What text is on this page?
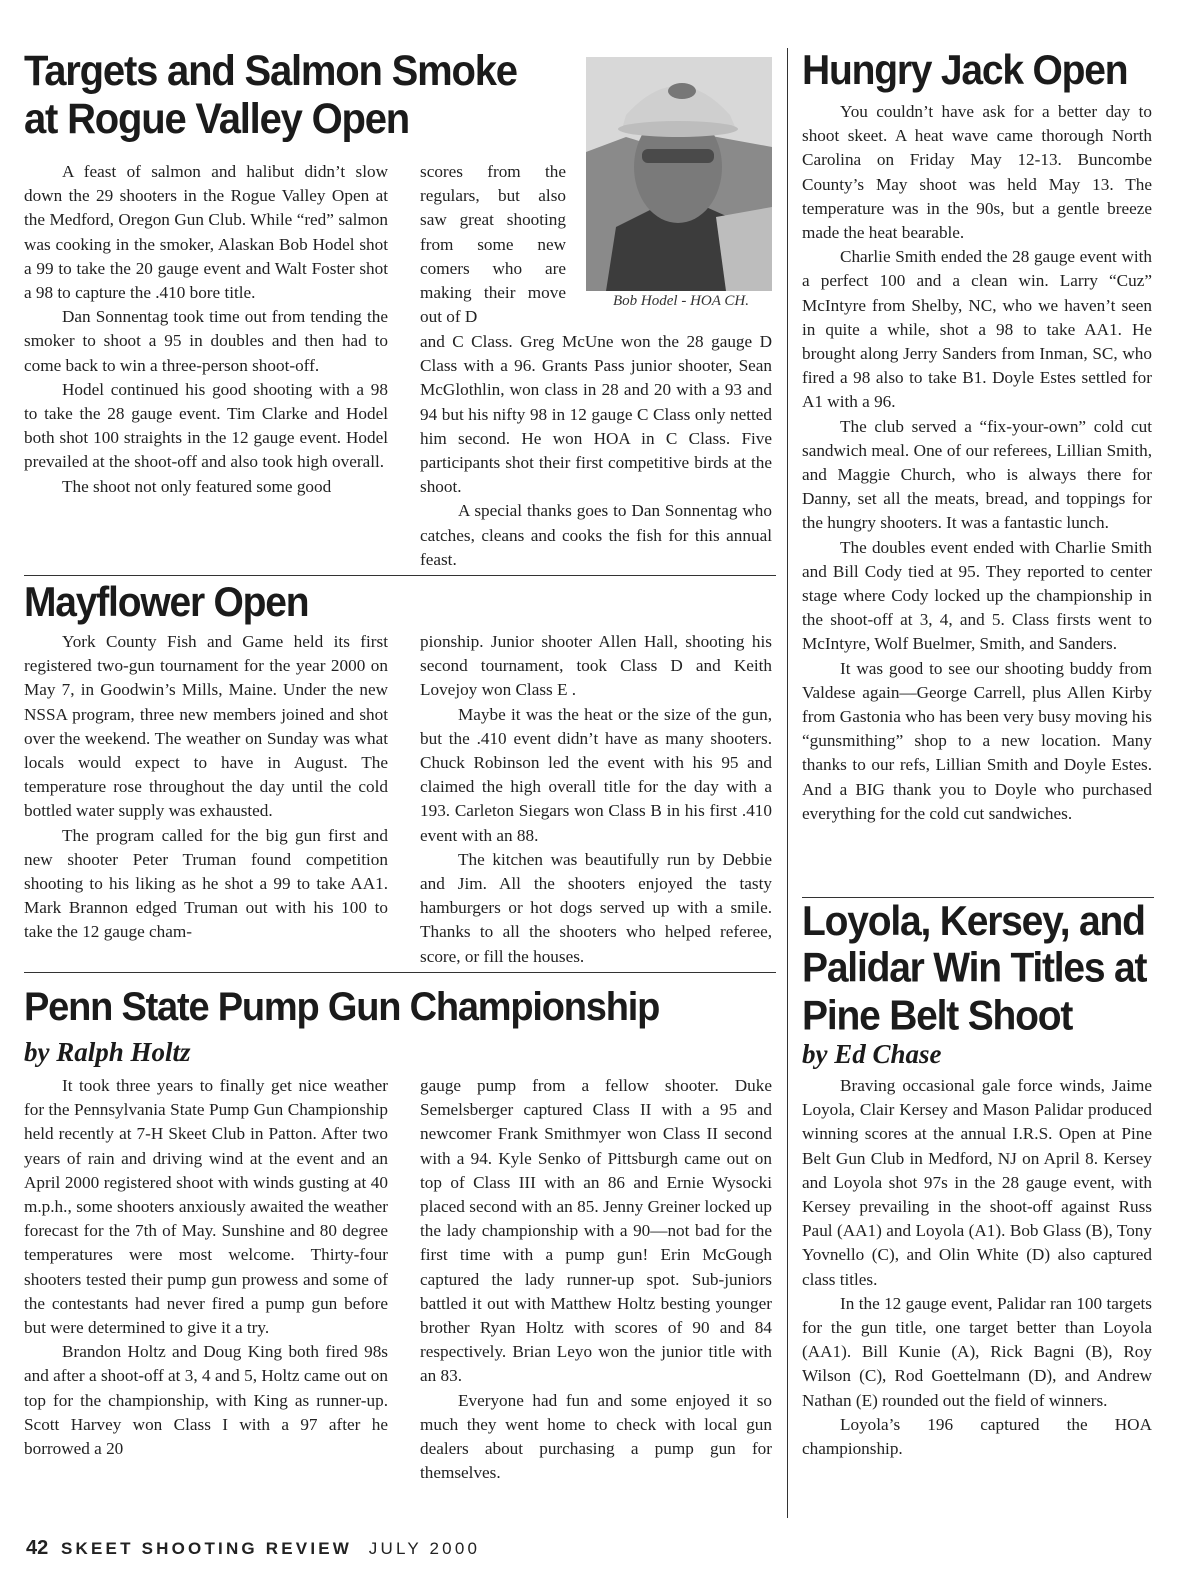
Targets and Salmon Smoke
at Rogue Valley Open

A feast of salmon and halibut didn’t slow down the 29 shooters in the Rogue Valley Open at the Medford, Oregon Gun Club. While “red” salmon was cooking in the smoker, Alaskan Bob Hodel shot a 99 to take the 20 gauge event and Walt Foster shot a 98 to capture the .410 bore title.

Dan Sonnentag took time out from tending the smoker to shoot a 95 in doubles and then had to come back to win a three-person shoot-off.

Hodel continued his good shooting with a 98 to take the 28 gauge event. Tim Clarke and Hodel both shot 100 straights in the 12 gauge event. Hodel prevailed at the shoot-off and also took high overall.

The shoot not only featured some good

scores from the regulars, but also saw great shooting from some new comers who are making their move out of D

and C Class. Greg McUne won the 28 gauge D Class with a 96. Grants Pass junior shooter, Sean McGlothlin, won class in 28 and 20 with a 93 and 94 but his nifty 98 in 12 gauge C Class only netted him second. He won HOA in C Class. Five participants shot their first competitive birds at the shoot.

A special thanks goes to Dan Sonnentag who catches, cleans and cooks the fish for this annual feast.

Bob Hodel - HOA CH.
Mayflower Open

York County Fish and Game held its first registered two-gun tournament for the year 2000 on May 7, in Goodwin’s Mills, Maine. Under the new NSSA program, three new members joined and shot over the weekend. The weather on Sunday was what locals would expect to have in August. The temperature rose throughout the day until the cold bottled water supply was exhausted.

The program called for the big gun first and new shooter Peter Truman found competition shooting to his liking as he shot a 99 to take AA1. Mark Brannon edged Truman out with his 100 to take the 12 gauge cham-

pionship. Junior shooter Allen Hall, shooting his second tournament, took Class D and Keith Lovejoy won Class E .

Maybe it was the heat or the size of the gun, but the .410 event didn’t have as many shooters. Chuck Robinson led the event with his 95 and claimed the high overall title for the day with a 193. Carleton Siegars won Class B in his first .410 event with an 88.

The kitchen was beautifully run by Debbie and Jim. All the shooters enjoyed the tasty hamburgers or hot dogs served up with a smile. Thanks to all the shooters who helped referee, score, or fill the houses.

Penn State Pump Gun Championship
by Ralph Holtz

It took three years to finally get nice weather for the Pennsylvania State Pump Gun Championship held recently at 7-H Skeet Club in Patton. After two years of rain and driving wind at the event and an April 2000 registered shoot with winds gusting at 40 m.p.h., some shooters anxiously awaited the weather forecast for the 7th of May. Sunshine and 80 degree temperatures were most welcome. Thirty-four shooters tested their pump gun prowess and some of the contestants had never fired a pump gun before but were determined to give it a try.

Brandon Holtz and Doug King both fired 98s and after a shoot-off at 3, 4 and 5, Holtz came out on top for the championship, with King as runner-up. Scott Harvey won Class I with a 97 after he borrowed a 20

gauge pump from a fellow shooter. Duke Semelsberger captured Class II with a 95 and newcomer Frank Smithmyer won Class II second with a 94. Kyle Senko of Pittsburgh came out on top of Class III with an 86 and Ernie Wysocki placed second with an 85. Jenny Greiner locked up the lady championship with a 90—not bad for the first time with a pump gun! Erin McGough captured the lady runner-up spot. Sub-juniors battled it out with Matthew Holtz besting younger brother Ryan Holtz with scores of 90 and 84 respectively. Brian Leyo won the junior title with an 83.

Everyone had fun and some enjoyed it so much they went home to check with local gun dealers about purchasing a pump gun for themselves.

Hungry Jack Open

You couldn’t have ask for a better day to shoot skeet. A heat wave came thorough North Carolina on Friday May 12-13. Buncombe County’s May shoot was held May 13. The temperature was in the 90s, but a gentle breeze made the heat bearable.

Charlie Smith ended the 28 gauge event with a perfect 100 and a clean win. Larry “Cuz” McIntyre from Shelby, NC, who we haven’t seen in quite a while, shot a 98 to take AA1. He brought along Jerry Sanders from Inman, SC, who fired a 98 also to take B1. Doyle Estes settled for A1 with a 96.

The club served a “fix-your-own” cold cut sandwich meal. One of our referees, Lillian Smith, and Maggie Church, who is always there for Danny, set all the meats, bread, and toppings for the hungry shooters. It was a fantastic lunch.

The doubles event ended with Charlie Smith and Bill Cody tied at 95. They reported to center stage where Cody locked up the championship in the shoot-off at 3, 4, and 5. Class firsts went to McIntyre, Wolf Buelmer, Smith, and Sanders.

It was good to see our shooting buddy from Valdese again—George Carrell, plus Allen Kirby from Gastonia who has been very busy moving his “gunsmithing” shop to a new location. Many thanks to our refs, Lillian Smith and Doyle Estes. And a BIG thank you to Doyle who purchased everything for the cold cut sandwiches.

Loyola, Kersey, and
Palidar Win Titles at
Pine Belt Shoot
by Ed Chase

Braving occasional gale force winds, Jaime Loyola, Clair Kersey and Mason Palidar produced winning scores at the annual I.R.S. Open at Pine Belt Gun Club in Medford, NJ on April 8. Kersey and Loyola shot 97s in the 28 gauge event, with Kersey prevailing in the shoot-off against Russ Paul (AA1) and Loyola (A1). Bob Glass (B), Tony Yovnello (C), and Olin White (D) also captured class titles.

In the 12 gauge event, Palidar ran 100 targets for the gun title, one target better than Loyola (AA1). Bill Kunie (A), Rick Bagni (B), Roy Wilson (C), Rod Goettelmann (D), and Andrew Nathan (E) rounded out the field of winners.

Loyola’s 196 captured the HOA championship.

42 SKEET SHOOTING REVIEW JULY 2000
